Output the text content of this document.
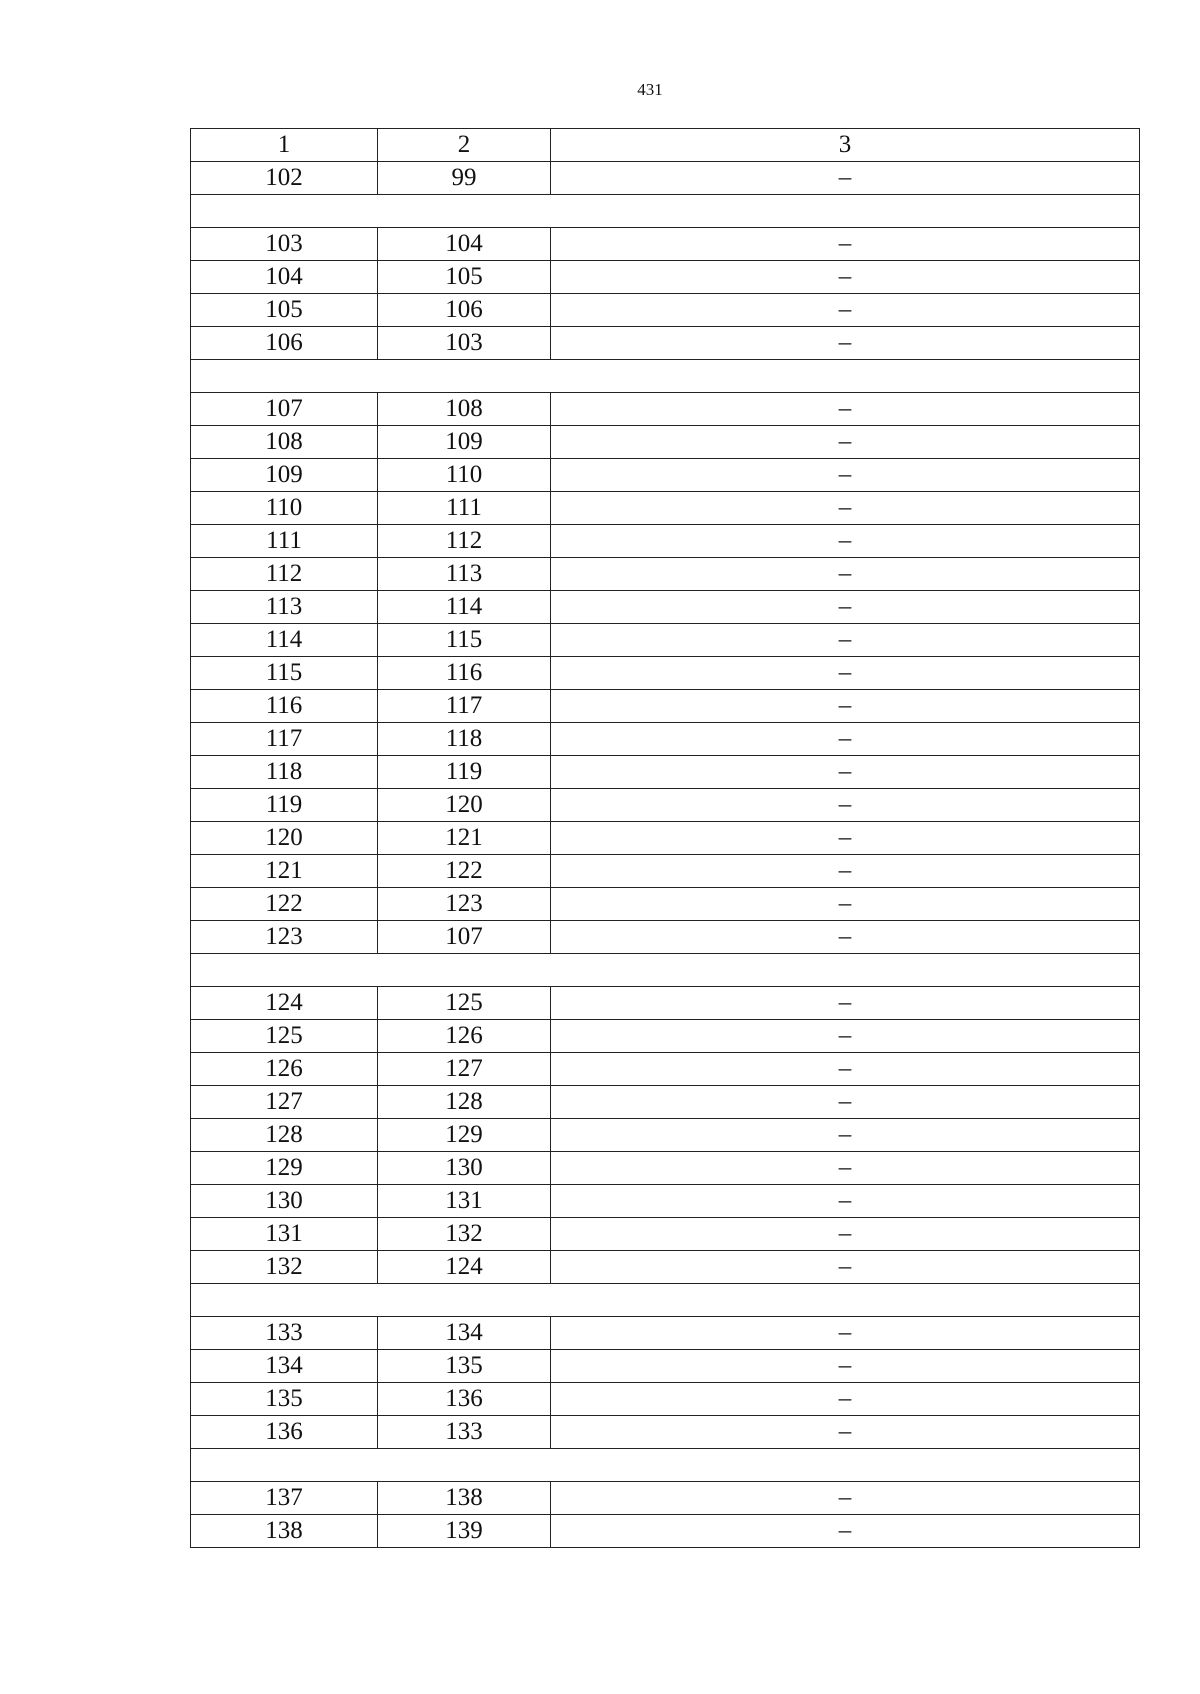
431
1	2	3
102	99	–

103	104	–
104	105	–
105	106	–
106	103	–

107	108	–
108	109	–
109	110	–
110	111	–
111	112	–
112	113	–
113	114	–
114	115	–
115	116	–
116	117	–
117	118	–
118	119	–
119	120	–
120	121	–
121	122	–
122	123	–
123	107	–

124	125	–
125	126	–
126	127	–
127	128	–
128	129	–
129	130	–
130	131	–
131	132	–
132	124	–

133	134	–
134	135	–
135	136	–
136	133	–

137	138	–
138	139	–
